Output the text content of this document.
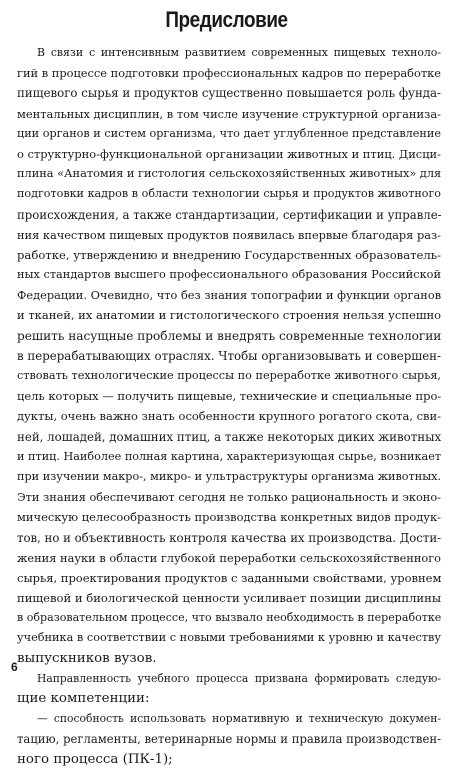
Предисловие
В связи с интенсивным развитием современных пищевых техноло-
гий в процессе подготовки профессиональных кадров по переработке
пищевого сырья и продуктов существенно повышается роль фунда-
ментальных дисциплин, в том числе изучение структурной организа-
ции органов и систем организма, что дает углубленное представление
о структурно-функциональной организации животных и птиц. Дисци-
плина «Анатомия и гистология сельскохозяйственных животных» для
подготовки кадров в области технологии сырья и продуктов животного
происхождения, а также стандартизации, сертификации и управле-
ния качеством пищевых продуктов появилась впервые благодаря раз-
работке, утверждению и внедрению Государственных образователь-
ных стандартов высшего профессионального образования Российской
Федерации. Очевидно, что без знания топографии и функции органов
и тканей, их анатомии и гистологического строения нельзя успешно
решить насущные проблемы и внедрять современные технологии
в перерабатывающих отраслях. Чтобы организовывать и совершен-
ствовать технологические процессы по переработке животного сырья,
цель которых — получить пищевые, технические и специальные про-
дукты, очень важно знать особенности крупного рогатого скота, сви-
ней, лошадей, домашних птиц, а также некоторых диких животных
и птиц. Наиболее полная картина, характеризующая сырье, возникает
при изучении макро-, микро- и ультраструктуры организма животных.
Эти знания обеспечивают сегодня не только рациональность и эконо-
мическую целесообразность производства конкретных видов продук-
тов, но и объективность контроля качества их производства. Дости-
жения науки в области глубокой переработки сельскохозяйственного
сырья, проектирования продуктов с заданными свойствами, уровнем
пищевой и биологической ценности усиливает позиции дисциплины
в образовательном процессе, что вызвало необходимость в переработке
учебника в соответствии с новыми требованиями к уровню и качеству
выпускников вузов.
Направленность учебного процесса призвана формировать следую-
щие компетенции:
— способность использовать нормативную и техническую докумен-
тацию, регламенты, ветеринарные нормы и правила производствен-
ного процесса (ПК-1);
6
